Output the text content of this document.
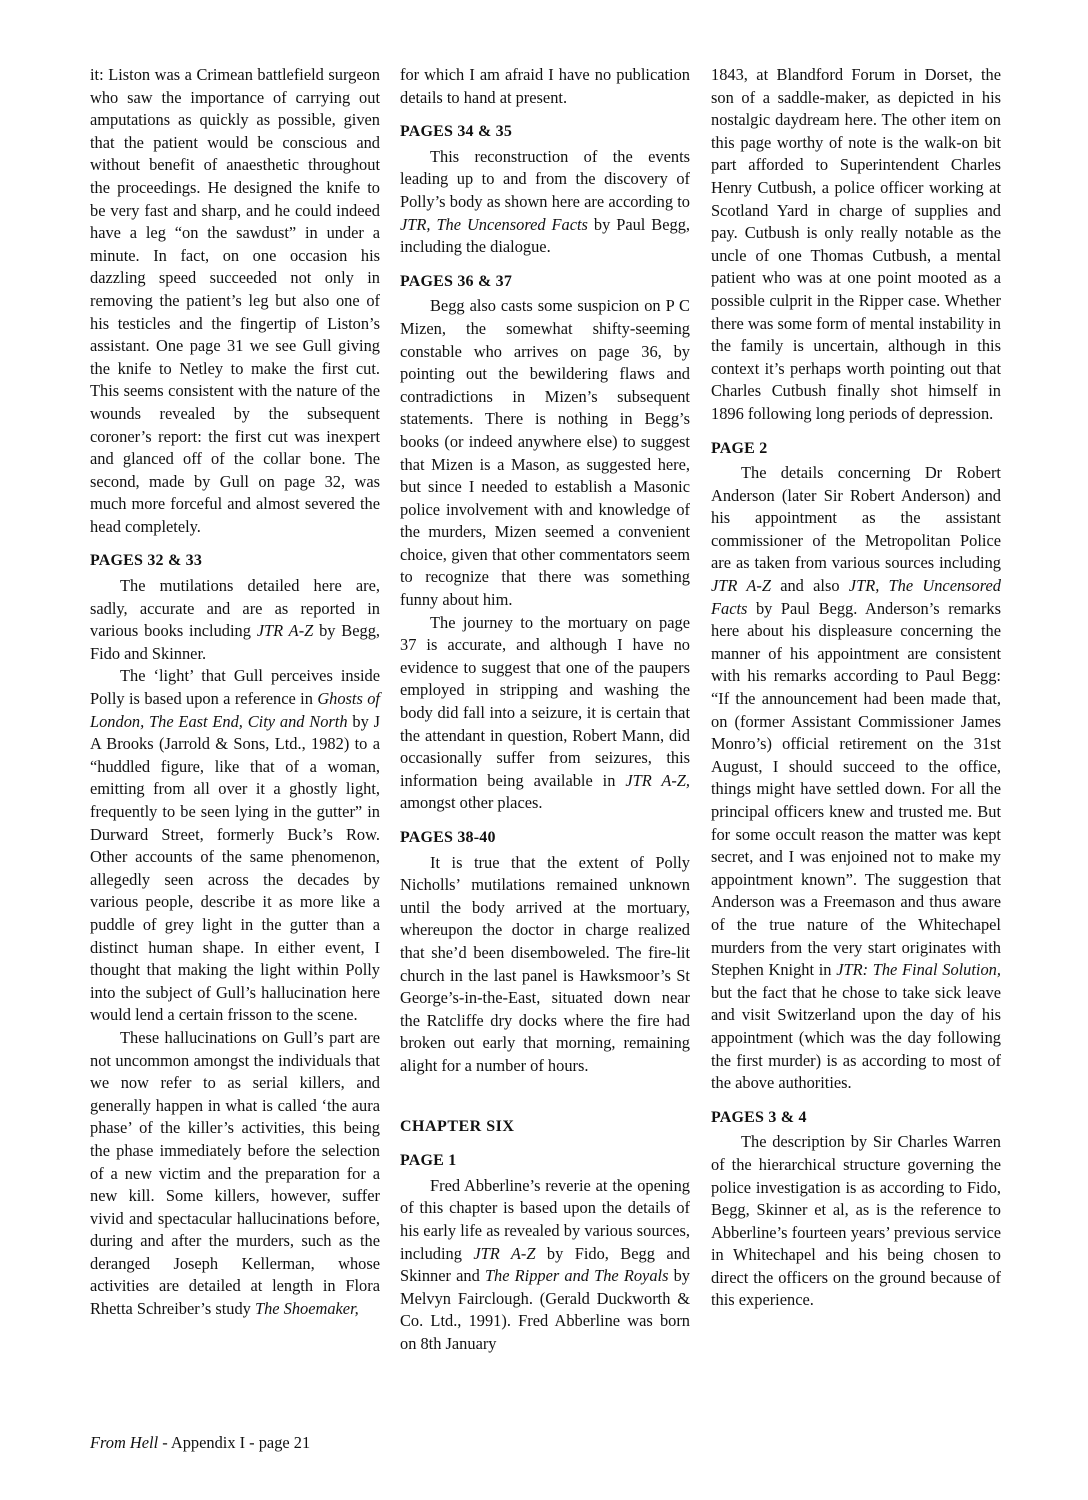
it: Liston was a Crimean battlefield surgeon who saw the importance of carrying out amputations as quickly as possible, given that the patient would be conscious and without benefit of anaesthetic throughout the proceedings. He designed the knife to be very fast and sharp, and he could indeed have a leg “on the sawdust” in under a minute. In fact, on one occasion his dazzling speed succeeded not only in removing the patient’s leg but also one of his testicles and the fingertip of Liston’s assistant. One page 31 we see Gull giving the knife to Netley to make the first cut. This seems consistent with the nature of the wounds revealed by the subsequent coroner’s report: the first cut was inexpert and glanced off of the collar bone. The second, made by Gull on page 32, was much more forceful and almost severed the head completely.

PAGES 32 & 33

The mutilations detailed here are, sadly, accurate and are as reported in various books including JTR A-Z by Begg, Fido and Skinner.

The ‘light’ that Gull perceives inside Polly is based upon a reference in Ghosts of London, The East End, City and North by J A Brooks (Jarrold & Sons, Ltd., 1982) to a “huddled figure, like that of a woman, emitting from all over it a ghostly light, frequently to be seen lying in the gutter” in Durward Street, formerly Buck’s Row. Other accounts of the same phenomenon, allegedly seen across the decades by various people, describe it as more like a puddle of grey light in the gutter than a distinct human shape. In either event, I thought that making the light within Polly into the subject of Gull’s hallucination here would lend a certain frisson to the scene.

These hallucinations on Gull’s part are not uncommon amongst the individuals that we now refer to as serial killers, and generally happen in what is called ‘the aura phase’ of the killer’s activities, this being the phase immediately before the selection of a new victim and the preparation for a new kill. Some killers, however, suffer vivid and spectacular hallucinations before, during and after the murders, such as the deranged Joseph Kellerman, whose activities are detailed at length in Flora Rhetta Schreiber’s study The Shoemaker,

for which I am afraid I have no publication details to hand at present.

PAGES 34 & 35

This reconstruction of the events leading up to and from the discovery of Polly’s body as shown here are according to JTR, The Uncensored Facts by Paul Begg, including the dialogue.

PAGES 36 & 37

Begg also casts some suspicion on P C Mizen, the somewhat shifty-seeming constable who arrives on page 36, by pointing out the bewildering flaws and contradictions in Mizen’s subsequent statements. There is nothing in Begg’s books (or indeed anywhere else) to suggest that Mizen is a Mason, as suggested here, but since I needed to establish a Masonic police involvement with and knowledge of the murders, Mizen seemed a convenient choice, given that other commentators seem to recognize that there was something funny about him.

The journey to the mortuary on page 37 is accurate, and although I have no evidence to suggest that one of the paupers employed in stripping and washing the body did fall into a seizure, it is certain that the attendant in question, Robert Mann, did occasionally suffer from seizures, this information being available in JTR A-Z, amongst other places.

PAGES 38-40

It is true that the extent of Polly Nicholls’ mutilations remained unknown until the body arrived at the mortuary, whereupon the doctor in charge realized that she’d been disemboweled. The fire-lit church in the last panel is Hawksmoor’s St George’s-in-the-East, situated down near the Ratcliffe dry docks where the fire had broken out early that morning, remaining alight for a number of hours.

CHAPTER SIX
PAGE 1

Fred Abberline’s reverie at the opening of this chapter is based upon the details of his early life as revealed by various sources, including JTR A-Z by Fido, Begg and Skinner and The Ripper and The Royals by Melvyn Fairclough. (Gerald Duckworth & Co. Ltd., 1991). Fred Abberline was born on 8th January

1843, at Blandford Forum in Dorset, the son of a saddle-maker, as depicted in his nostalgic daydream here. The other item on this page worthy of note is the walk-on bit part afforded to Superintendent Charles Henry Cutbush, a police officer working at Scotland Yard in charge of supplies and pay. Cutbush is only really notable as the uncle of one Thomas Cutbush, a mental patient who was at one point mooted as a possible culprit in the Ripper case. Whether there was some form of mental instability in the family is uncertain, although in this context it’s perhaps worth pointing out that Charles Cutbush finally shot himself in 1896 following long periods of depression.

PAGE 2

The details concerning Dr Robert Anderson (later Sir Robert Anderson) and his appointment as the assistant commissioner of the Metropolitan Police are as taken from various sources including JTR A-Z and also JTR, The Uncensored Facts by Paul Begg. Anderson’s remarks here about his displeasure concerning the manner of his appointment are consistent with his remarks according to Paul Begg: “If the announcement had been made that, on (former Assistant Commissioner James Monro’s) official retirement on the 31st August, I should succeed to the office, things might have settled down. For all the principal officers knew and trusted me. But for some occult reason the matter was kept secret, and I was enjoined not to make my appointment known”. The suggestion that Anderson was a Freemason and thus aware of the true nature of the Whitechapel murders from the very start originates with Stephen Knight in JTR: The Final Solution, but the fact that he chose to take sick leave and visit Switzerland upon the day of his appointment (which was the day following the first murder) is as according to most of the above authorities.

PAGES 3 & 4

The description by Sir Charles Warren of the hierarchical structure governing the police investigation is as according to Fido, Begg, Skinner et al, as is the reference to Abberline’s fourteen years’ previous service in Whitechapel and his being chosen to direct the officers on the ground because of this experience.

From Hell - Appendix I - page 21
